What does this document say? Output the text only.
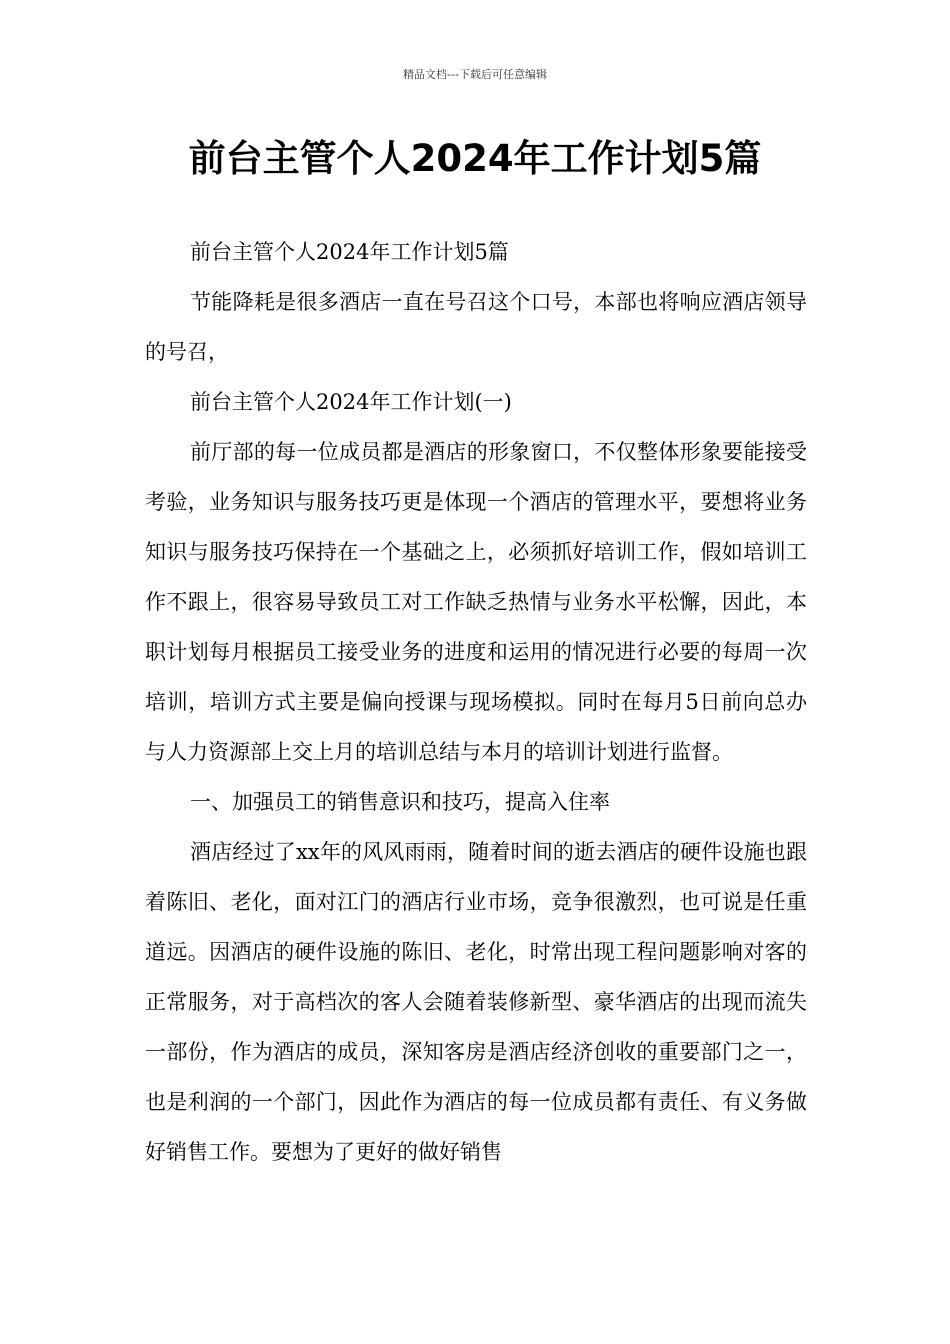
精品文档---下载后可任意编辑
前台主管个人2024年工作计划5篇

前台主管个人2024年工作计划5篇

节能降耗是很多酒店一直在号召这个口号，本部也将响应酒店领导的号召，

前台主管个人2024年工作计划(一)

前厅部的每一位成员都是酒店的形象窗口，不仅整体形象要能接受考验，业务知识与服务技巧更是体现一个酒店的管理水平，要想将业务知识与服务技巧保持在一个基础之上，必须抓好培训工作，假如培训工作不跟上，很容易导致员工对工作缺乏热情与业务水平松懈，因此，本职计划每月根据员工接受业务的进度和运用的情况进行必要的每周一次培训，培训方式主要是偏向授课与现场模拟。同时在每月5日前向总办与人力资源部上交上月的培训总结与本月的培训计划进行监督。

一、加强员工的销售意识和技巧，提高入住率

酒店经过了xx年的风风雨雨，随着时间的逝去酒店的硬件设施也跟着陈旧、老化，面对江门的酒店行业市场，竞争很激烈，也可说是任重道远。因酒店的硬件设施的陈旧、老化，时常出现工程问题影响对客的正常服务，对于高档次的客人会随着装修新型、豪华酒店的出现而流失一部份，作为酒店的成员，深知客房是酒店经济创收的重要部门之一，也是利润的一个部门，因此作为酒店的每一位成员都有责任、有义务做好销售工作。要想为了更好的做好销售
